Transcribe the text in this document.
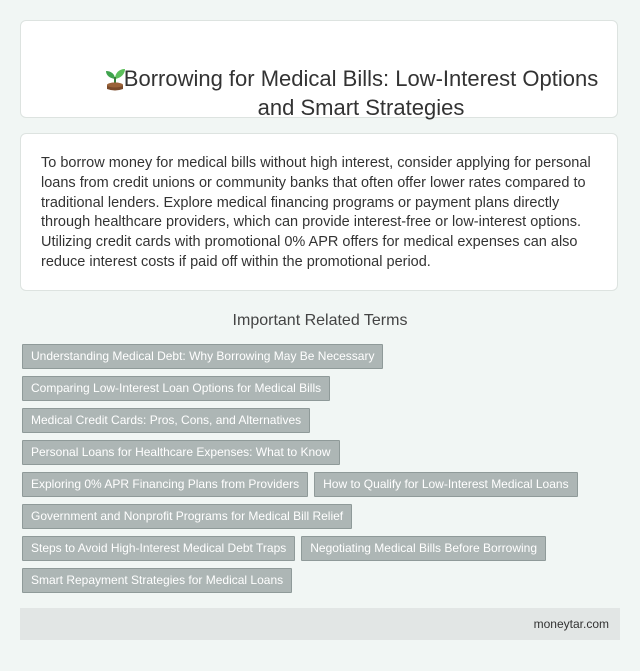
Borrowing for Medical Bills: Low-Interest Options and Smart Strategies

To borrow money for medical bills without high interest, consider applying for personal loans from credit unions or community banks that often offer lower rates compared to traditional lenders. Explore medical financing programs or payment plans directly through healthcare providers, which can provide interest-free or low-interest options. Utilizing credit cards with promotional 0% APR offers for medical expenses can also reduce interest costs if paid off within the promotional period.

Important Related Terms
Understanding Medical Debt: Why Borrowing May Be Necessary
Comparing Low-Interest Loan Options for Medical Bills
Medical Credit Cards: Pros, Cons, and Alternatives
Personal Loans for Healthcare Expenses: What to Know
Exploring 0% APR Financing Plans from Providers How to Qualify for Low-Interest Medical Loans
Government and Nonprofit Programs for Medical Bill Relief
Steps to Avoid High-Interest Medical Debt Traps Negotiating Medical Bills Before Borrowing
Smart Repayment Strategies for Medical Loans
moneytar.com
